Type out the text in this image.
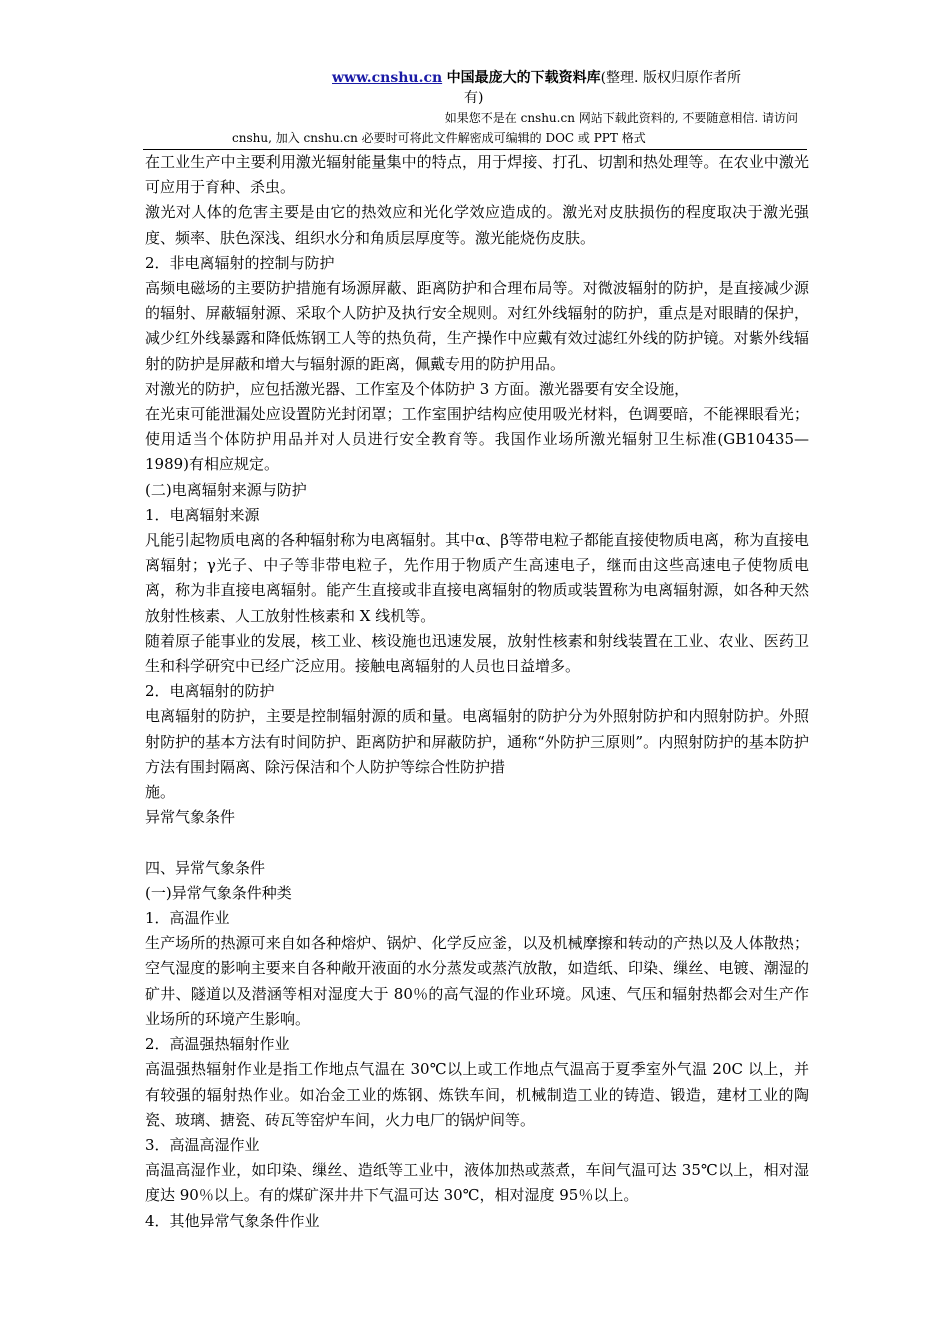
www.cnshu.cn 中国最庞大的下载资料库(整理. 版权归原作者所
有)
如果您不是在 cnshu.cn 网站下载此资料的, 不要随意相信. 请访问
cnshu, 加入 cnshu.cn 必要时可将此文件解密成可编辑的 DOC 或 PPT 格式

在工业生产中主要利用激光辐射能量集中的特点，用于焊接、打孔、切割和热处理等。在农业中激光可应用于育种、杀虫。

激光对人体的危害主要是由它的热效应和光化学效应造成的。激光对皮肤损伤的程度取决于激光强度、频率、肤色深浅、组织水分和角质层厚度等。激光能烧伤皮肤。

2．非电离辐射的控制与防护

高频电磁场的主要防护措施有场源屏蔽、距离防护和合理布局等。对微波辐射的防护，是直接减少源的辐射、屏蔽辐射源、采取个人防护及执行安全规则。对红外线辐射的防护，重点是对眼睛的保护，减少红外线暴露和降低炼钢工人等的热负荷，生产操作中应戴有效过滤红外线的防护镜。对紫外线辐射的防护是屏蔽和增大与辐射源的距离，佩戴专用的防护用品。

对激光的防护，应包括激光器、工作室及个体防护 3 方面。激光器要有安全设施，

在光束可能泄漏处应设置防光封闭罩；工作室围护结构应使用吸光材料，色调要暗，不能裸眼看光；使用适当个体防护用品并对人员进行安全教育等。我国作业场所激光辐射卫生标准(GB10435—1989)有相应规定。

(二)电离辐射来源与防护

1．电离辐射来源

凡能引起物质电离的各种辐射称为电离辐射。其中α、β等带电粒子都能直接使物质电离，称为直接电离辐射；γ光子、中子等非带电粒子，先作用于物质产生高速电子，继而由这些高速电子使物质电离，称为非直接电离辐射。能产生直接或非直接电离辐射的物质或装置称为电离辐射源，如各种天然放射性核素、人工放射性核素和 X 线机等。

随着原子能事业的发展，核工业、核设施也迅速发展，放射性核素和射线装置在工业、农业、医药卫生和科学研究中已经广泛应用。接触电离辐射的人员也日益增多。

2．电离辐射的防护

电离辐射的防护，主要是控制辐射源的质和量。电离辐射的防护分为外照射防护和内照射防护。外照射防护的基本方法有时间防护、距离防护和屏蔽防护，通称“外防护三原则”。内照射防护的基本防护方法有围封隔离、除污保洁和个人防护等综合性防护措

施。

异常气象条件

四、异常气象条件

(一)异常气象条件种类

1．高温作业

生产场所的热源可来自如各种熔炉、锅炉、化学反应釜，以及机械摩擦和转动的产热以及人体散热；空气湿度的影响主要来自各种敞开液面的水分蒸发或蒸汽放散，如造纸、印染、缫丝、电镀、潮湿的矿井、隧道以及潜涵等相对湿度大于 80％的高气湿的作业环境。风速、气压和辐射热都会对生产作业场所的环境产生影响。

2．高温强热辐射作业

高温强热辐射作业是指工作地点气温在 30℃以上或工作地点气温高于夏季室外气温 20C 以上，并有较强的辐射热作业。如冶金工业的炼钢、炼铁车间，机械制造工业的铸造、锻造，建材工业的陶瓷、玻璃、搪瓷、砖瓦等窑炉车间，火力电厂的锅炉间等。

3．高温高湿作业

高温高湿作业，如印染、缫丝、造纸等工业中，液体加热或蒸煮，车间气温可达 35℃以上，相对湿度达 90％以上。有的煤矿深井井下气温可达 30℃，相对湿度 95％以上。

4．其他异常气象条件作业
